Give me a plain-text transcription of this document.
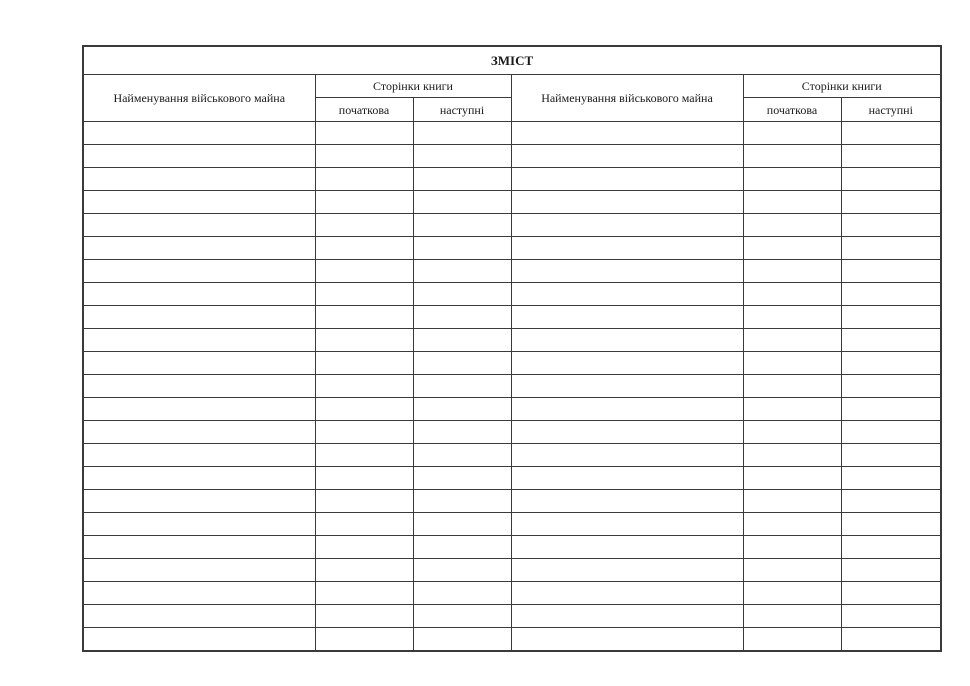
ЗМІСТ					
Найменування військового майна	Сторінки книги		Найменування військового майна	Сторінки книги	
	початкова	наступні		початкова	наступні
